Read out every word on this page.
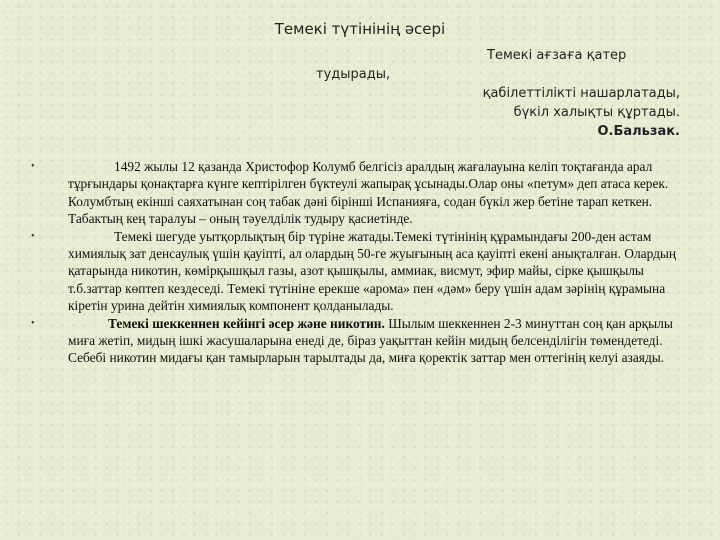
Темекі түтінінің әсері
Темекі ағзаға қатер
тудырады,
қабілеттілікті нашарлатады,
бүкіл халықты құртады.
О.Бальзак.
•	1492 жылы 12 қазанда Христофор Колумб белгісіз аралдың жағалауына келіп тоқтағанда арал тұрғындары қонақтарға күнге кептірілген бүктеулі жапырақ ұсынады.Олар оны «петум» деп атаса керек. Колумбтың екінші саяхатынан соң табак дәні бірінші Испанияға, содан бүкіл жер бетіне тарап кеткен. Табактың кең таралуы – оның тәуелділік тудыру қасиетінде.
•	Темекі шегуде уытқорлықтың бір түріне жатады.Темекі түтінінің құрамындағы 200-ден астам химиялық зат денсаулық үшін қауіпті, ал олардың 50-ге жуығының аса қауіпті екені анықталған. Олардың қатарында никотин, көмірқышқыл газы, азот қышқылы, аммиак, висмут, эфир майы, сірке қышқылы т.б.заттар көптеп кездеседі. Темекі түтініне ерекше «арома» пен «дәм» беру үшін адам зәрінің құрамына кіретін урина дейтін химиялық компонент қолданылады.
•	Темекі шеккеннен кейінгі әсер және никотин. Шылым шеккеннен 2-3 минуттан соң қан арқылы миға жетіп, мидың ішкі жасушаларына енеді де, біраз уақыттан кейін мидың белсенділігін төмендетеді. Себебі никотин мидағы қан тамырларын тарылтады да, миға қоректік заттар мен оттегінің келуі азаяды.
